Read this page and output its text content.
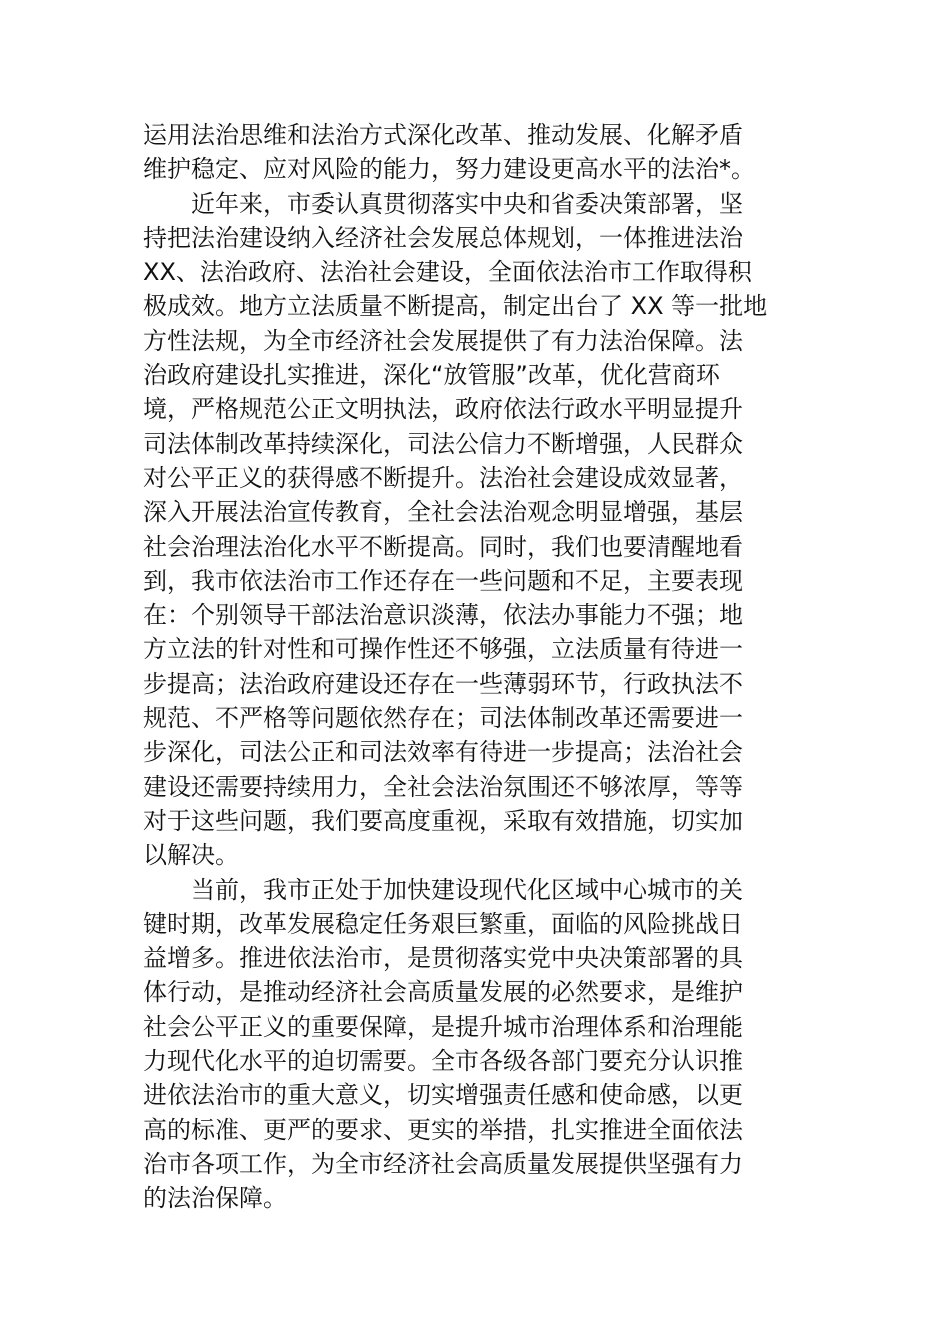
运用法治思维和法治方式深化改革、推动发展、化解矛盾
维护稳定、应对风险的能力，努力建设更高水平的法治*。
近年来，市委认真贯彻落实中央和省委决策部署，坚
持把法治建设纳入经济社会发展总体规划，一体推进法治
XX、法治政府、法治社会建设，全面依法治市工作取得积
极成效。地方立法质量不断提高，制定出台了 XX 等一批地
方性法规，为全市经济社会发展提供了有力法治保障。法
治政府建设扎实推进，深化“放管服”改革，优化营商环
境，严格规范公正文明执法，政府依法行政水平明显提升
司法体制改革持续深化，司法公信力不断增强，人民群众
对公平正义的获得感不断提升。法治社会建设成效显著，
深入开展法治宣传教育，全社会法治观念明显增强，基层
社会治理法治化水平不断提高。同时，我们也要清醒地看
到，我市依法治市工作还存在一些问题和不足，主要表现
在：个别领导干部法治意识淡薄，依法办事能力不强；地
方立法的针对性和可操作性还不够强，立法质量有待进一
步提高；法治政府建设还存在一些薄弱环节，行政执法不
规范、不严格等问题依然存在；司法体制改革还需要进一
步深化，司法公正和司法效率有待进一步提高；法治社会
建设还需要持续用力，全社会法治氛围还不够浓厚，等等
对于这些问题，我们要高度重视，采取有效措施，切实加
以解决。
当前，我市正处于加快建设现代化区域中心城市的关
键时期，改革发展稳定任务艰巨繁重，面临的风险挑战日
益增多。推进依法治市，是贯彻落实党中央决策部署的具
体行动，是推动经济社会高质量发展的必然要求，是维护
社会公平正义的重要保障，是提升城市治理体系和治理能
力现代化水平的迫切需要。全市各级各部门要充分认识推
进依法治市的重大意义，切实增强责任感和使命感，以更
高的标准、更严的要求、更实的举措，扎实推进全面依法
治市各项工作，为全市经济社会高质量发展提供坚强有力
的法治保障。
